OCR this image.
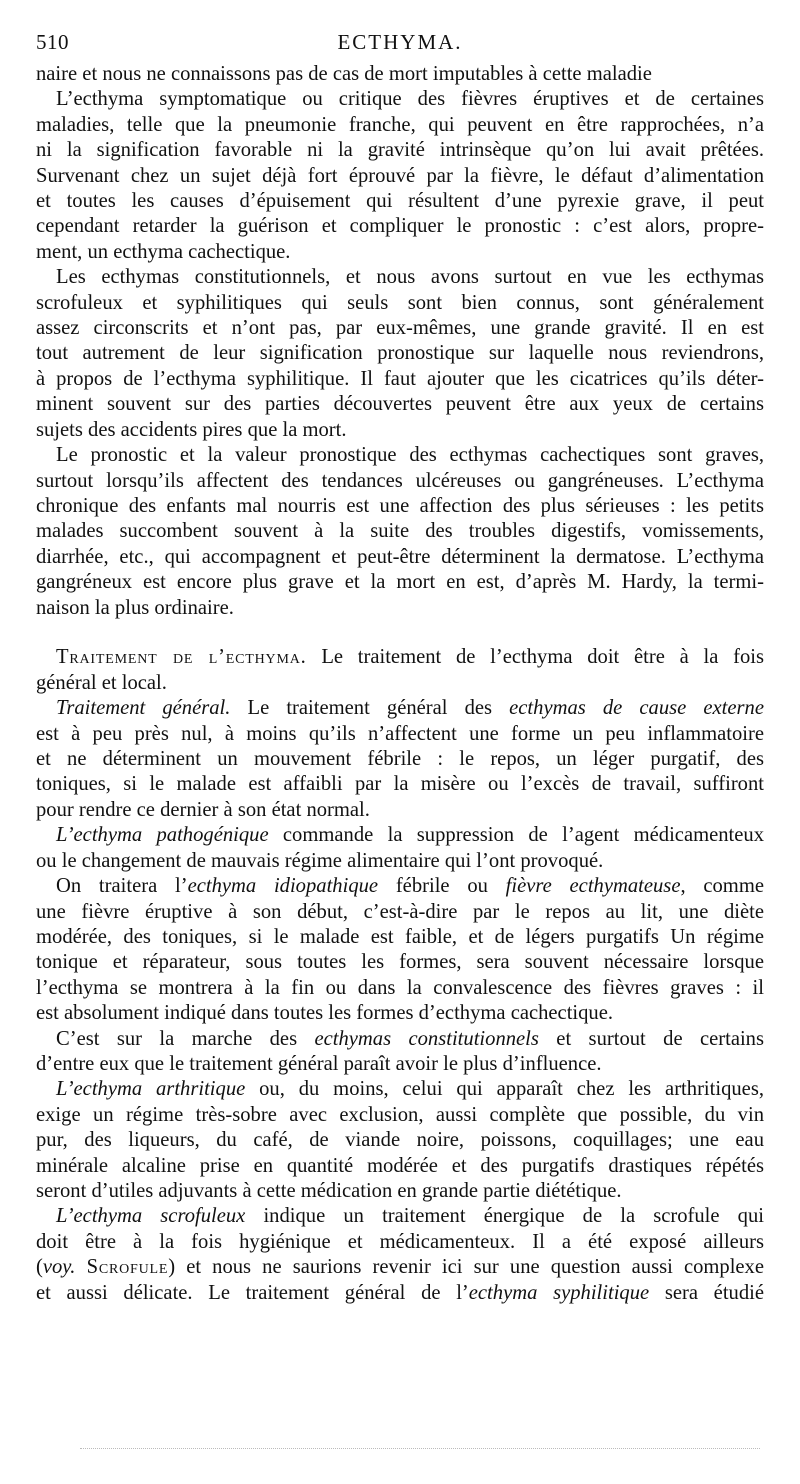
510	ECTHYMA.
naire et nous ne connaissons pas de cas de mort imputables à cette maladie
L’ecthyma symptomatique ou critique des fièvres éruptives et de certaines
maladies, telle que la pneumonie franche, qui peuvent en être rapprochées, n’a
ni la signification favorable ni la gravité intrinsèque qu’on lui avait prêtées.
Survenant chez un sujet déjà fort éprouvé par la fièvre, le défaut d’alimentation
et toutes les causes d’épuisement qui résultent d’une pyrexie grave, il peut
cependant retarder la guérison et compliquer le pronostic : c’est alors, propre-
ment, un ecthyma cachectique.
Les ecthymas constitutionnels, et nous avons surtout en vue les ecthymas
scrofuleux et syphilitiques qui seuls sont bien connus, sont généralement
assez circonscrits et n’ont pas, par eux-mêmes, une grande gravité. Il en est
tout autrement de leur signification pronostique sur laquelle nous reviendrons,
à propos de l’ecthyma syphilitique. Il faut ajouter que les cicatrices qu’ils déter-
minent souvent sur des parties découvertes peuvent être aux yeux de certains
sujets des accidents pires que la mort.
Le pronostic et la valeur pronostique des ecthymas cachectiques sont graves,
surtout lorsqu’ils affectent des tendances ulcéreuses ou gangréneuses. L’ecthyma
chronique des enfants mal nourris est une affection des plus sérieuses : les petits
malades succombent souvent à la suite des troubles digestifs, vomissements,
diarrhée, etc., qui accompagnent et peut-être déterminent la dermatose. L’ecthyma
gangréneux est encore plus grave et la mort en est, d’après M. Hardy, la termi-
naison la plus ordinaire.
Traitement de l’ecthyma. Le traitement de l’ecthyma doit être à la fois
général et local.
Traitement général. Le traitement général des ecthymas de cause externe
est à peu près nul, à moins qu’ils n’affectent une forme un peu inflammatoire
et ne déterminent un mouvement fébrile : le repos, un léger purgatif, des
toniques, si le malade est affaibli par la misère ou l’excès de travail, suffiront
pour rendre ce dernier à son état normal.
L’ecthyma pathogénique commande la suppression de l’agent médicamenteux
ou le changement de mauvais régime alimentaire qui l’ont provoqué.
On traitera l’ecthyma idiopathique fébrile ou fièvre ecthymateuse, comme
une fièvre éruptive à son début, c’est-à-dire par le repos au lit, une diète
modérée, des toniques, si le malade est faible, et de légers purgatifs Un régime
tonique et réparateur, sous toutes les formes, sera souvent nécessaire lorsque
l’ecthyma se montrera à la fin ou dans la convalescence des fièvres graves : il
est absolument indiqué dans toutes les formes d’ecthyma cachectique.
C’est sur la marche des ecthymas constitutionnels et surtout de certains
d’entre eux que le traitement général paraît avoir le plus d’influence.
L’ecthyma arthritique ou, du moins, celui qui apparaît chez les arthritiques,
exige un régime très-sobre avec exclusion, aussi complète que possible, du vin
pur, des liqueurs, du café, de viande noire, poissons, coquillages; une eau
minérale alcaline prise en quantité modérée et des purgatifs drastiques répétés
seront d’utiles adjuvants à cette médication en grande partie diététique.
L’ecthyma scrofuleux indique un traitement énergique de la scrofule qui
doit être à la fois hygiénique et médicamenteux. Il a été exposé ailleurs
(voy. Scrofule) et nous ne saurions revenir ici sur une question aussi complexe
et aussi délicate. Le traitement général de l’ecthyma syphilitique sera étudié
